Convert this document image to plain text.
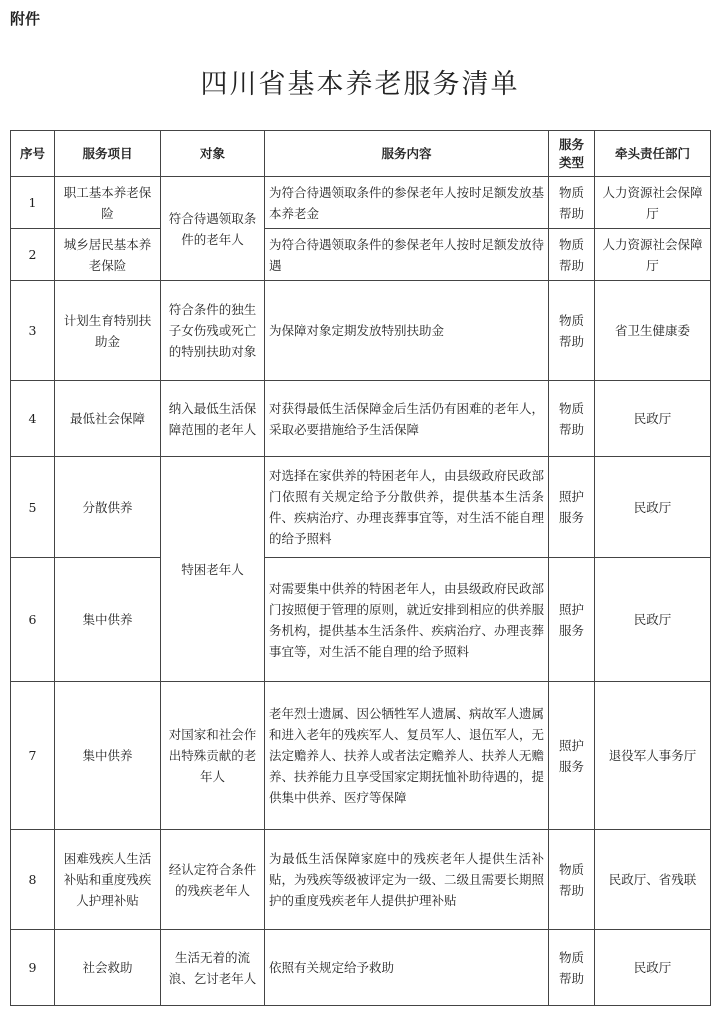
附件
四川省基本养老服务清单
序号	服务项目	对象	服务内容	服务类型	牵头责任部门
1	职工基本养老保险	符合待遇领取条件的老年人	为符合待遇领取条件的参保老年人按时足额发放基本养老金	物质帮助	人力资源社会保障厅
2	城乡居民基本养老保险		为符合待遇领取条件的参保老年人按时足额发放待遇	物质帮助	人力资源社会保障厅
3	计划生育特别扶助金	符合条件的独生子女伤残或死亡的特别扶助对象	为保障对象定期发放特别扶助金	物质帮助	省卫生健康委
4	最低社会保障	纳入最低生活保障范围的老年人	对获得最低生活保障金后生活仍有困难的老年人，采取必要措施给予生活保障	物质帮助	民政厅
5	分散供养	特困老年人	对选择在家供养的特困老年人，由县级政府民政部门依照有关规定给予分散供养，提供基本生活条件、疾病治疗、办理丧葬事宜等，对生活不能自理的给予照料	照护服务	民政厅
6	集中供养		对需要集中供养的特困老年人，由县级政府民政部门按照便于管理的原则，就近安排到相应的供养服务机构，提供基本生活条件、疾病治疗、办理丧葬事宜等，对生活不能自理的给予照料	照护服务	民政厅
7	集中供养	对国家和社会作出特殊贡献的老年人	老年烈士遗属、因公牺牲军人遗属、病故军人遗属和进入老年的残疾军人、复员军人、退伍军人，无法定赡养人、扶养人或者法定赡养人、扶养人无赡养、扶养能力且享受国家定期抚恤补助待遇的，提供集中供养、医疗等保障	照护服务	退役军人事务厅
8	困难残疾人生活补贴和重度残疾人护理补贴	经认定符合条件的残疾老年人	为最低生活保障家庭中的残疾老年人提供生活补贴，为残疾等级被评定为一级、二级且需要长期照护的重度残疾老年人提供护理补贴	物质帮助	民政厅、省残联
9	社会救助	生活无着的流浪、乞讨老年人	依照有关规定给予救助	物质帮助	民政厅
